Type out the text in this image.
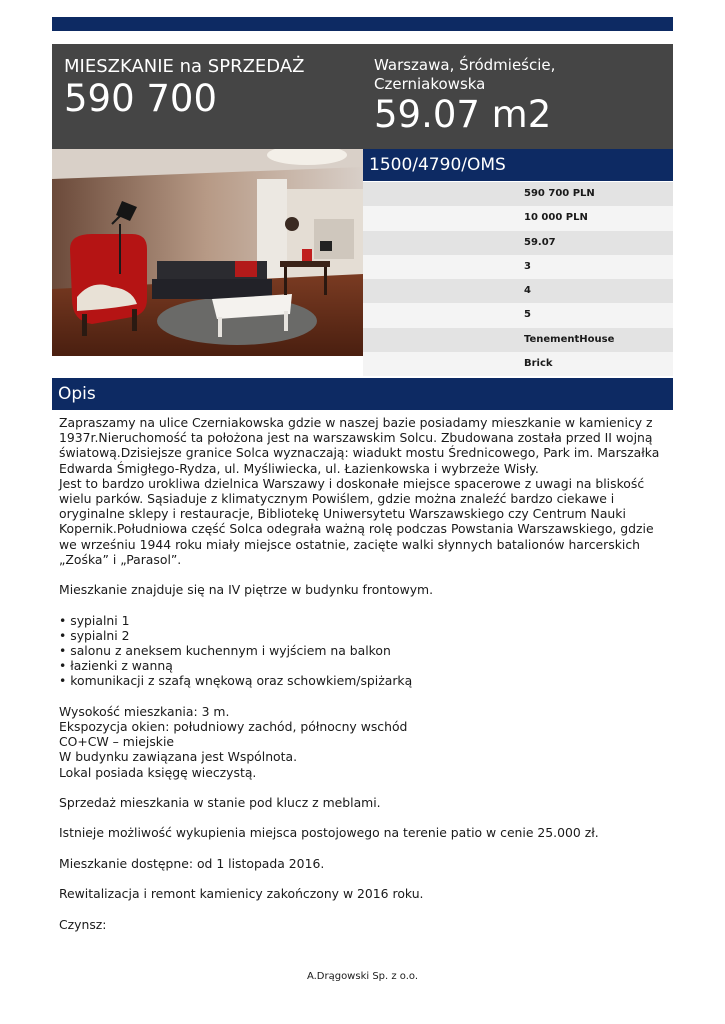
MIESZKANIE na SPRZEDAŻ
590 700
Warszawa, Śródmieście, Czerniakowska
59.07 m2
1500/4790/OMS
590 700 PLN
10 000 PLN
59.07
3
4
5
TenementHouse
Brick
Opis

Zapraszamy na ulice Czerniakowska gdzie w naszej bazie posiadamy mieszkanie w kamienicy z 1937r.Nieruchomość ta położona jest na warszawskim Solcu. Zbudowana została przed II wojną światową.Dzisiejsze granice Solca wyznaczają: wiadukt mostu Średnicowego, Park im. Marszałka Edwarda Śmigłego-Rydza, ul. Myśliwiecka, ul. Łazienkowska i wybrzeże Wisły.
Jest to bardzo urokliwa dzielnica Warszawy i doskonałe miejsce spacerowe z uwagi na bliskość wielu parków. Sąsiaduje z klimatycznym Powiślem, gdzie można znaleźć bardzo ciekawe i oryginalne sklepy i restauracje, Bibliotekę Uniwersytetu Warszawskiego czy Centrum Nauki Kopernik.Południowa część Solca odegrała ważną rolę podczas Powstania Warszawskiego, gdzie we wrześniu 1944 roku miały miejsce ostatnie, zacięte walki słynnych batalionów harcerskich „Zośka” i „Parasol”.

Mieszkanie znajduje się na IV piętrze w budynku frontowym.

• sypialni 1
• sypialni 2
• salonu z aneksem kuchennym i wyjściem na balkon
• łazienki z wanną
• komunikacji z szafą wnękową oraz schowkiem/spiżarką

Wysokość mieszkania: 3 m.
Ekspozycja okien: południowy zachód, północny wschód
CO+CW – miejskie
W budynku zawiązana jest Wspólnota.
Lokal posiada księgę wieczystą.

Sprzedaż mieszkania w stanie pod klucz z meblami.

Istnieje możliwość wykupienia miejsca postojowego na terenie patio w cenie 25.000 zł.

Mieszkanie dostępne: od 1 listopada 2016.

Rewitalizacja i remont kamienicy zakończony w 2016 roku.

Czynsz:

A.Drągowski Sp. z o.o.
